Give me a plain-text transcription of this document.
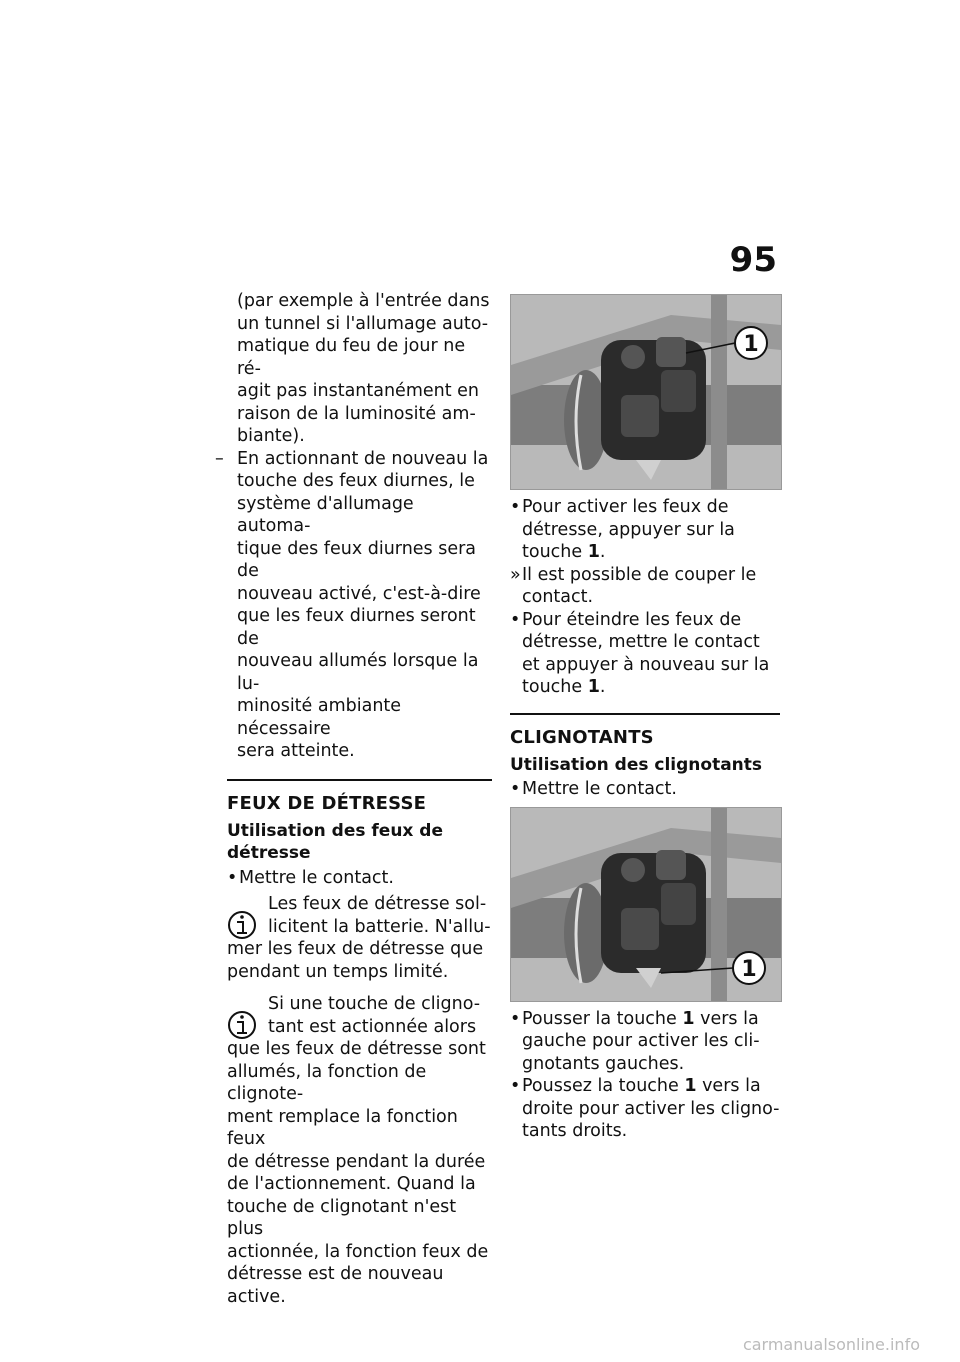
95
(par exemple à l'entrée dans
un tunnel si l'allumage auto-
matique du feu de jour ne ré-
agit pas instantanément en
raison de la luminosité am-
biante).
– En actionnant de nouveau la
touche des feux diurnes, le
système d'allumage automa-
tique des feux diurnes sera de
nouveau activé, c'est-à-dire
que les feux diurnes seront de
nouveau allumés lorsque la lu-
minosité ambiante nécessaire
sera atteinte.
FEUX DE DÉTRESSE
Utilisation des feux de
détresse
• Mettre le contact.
Les feux de détresse sol-
licitent la batterie. N'allu-
mer les feux de détresse que
pendant un temps limité.
Si une touche de cligno-
tant est actionnée alors
que les feux de détresse sont
allumés, la fonction de clignote-
ment remplace la fonction feux
de détresse pendant la durée
de l'actionnement. Quand la
touche de clignotant n'est plus
actionnée, la fonction feux de
détresse est de nouveau active.
1
• Pour activer les feux de
détresse, appuyer sur la
touche 1.
» Il est possible de couper le
contact.
• Pour éteindre les feux de
détresse, mettre le contact
et appuyer à nouveau sur la
touche 1.
CLIGNOTANTS
Utilisation des clignotants
• Mettre le contact.
1
• Pousser la touche 1 vers la
gauche pour activer les cli-
gnotants gauches.
• Poussez la touche 1 vers la
droite pour activer les cligno-
tants droits.
carmanualsonline.info
